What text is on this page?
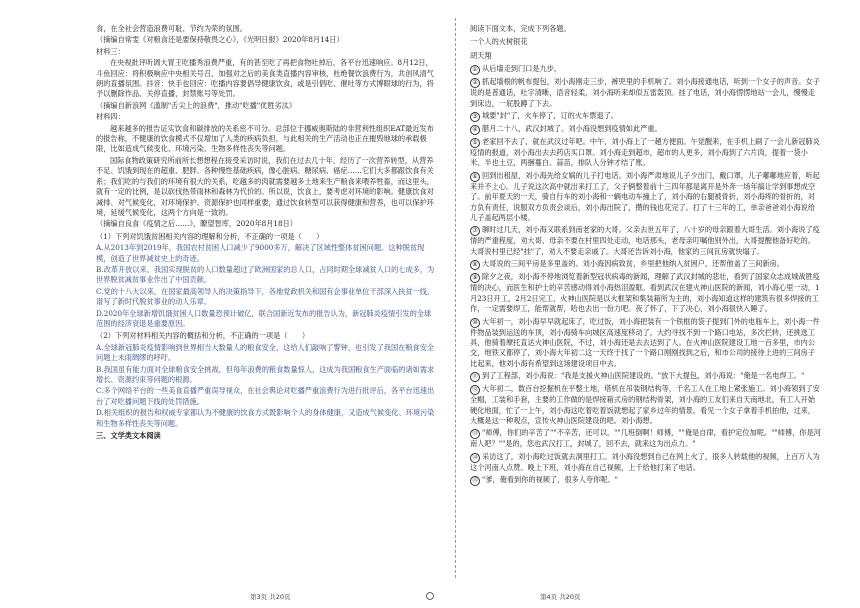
食，在全社会营造浪费可耻、节约为荣的氛围。

（摘编自常雯《对粮食还是要保持敬畏之心》，《光明日报》2020年8月14日）

材料三：

在央视批评听调大胃王吃播秀浪费严重，有的甚至吃了再把食物吐掉后，各平台迅速响应。8月12日，斗鱼回应：将积极响应中央相关号召，加强对之后的美食类直播内容审核，杜绝餐饮浪费行为，共创风清气朗的直播氛围。抖音：快手也回应：吃播内容要倡导健康饮食，或是引倡吃、催吐等方式博眼球的行为，将予以删除作品、关停直播，封禁账号等处罚。

（摘编自新浪网《滥制"舌尖上的浪费"，推动"吃播"优胜劣汰》

材料四：

越来越多的报告证实饮食和碳排放的关系密不可分。总部位于挪威奥斯陆的非营利性组织EAT最近发布的报告称，不健康的饮食模式不仅增加了人类的疾病负担，与此相关的生产活动也正在摧毁地球的承载极限，比如造成气候变化、环境污染、生物多样性丧失等问题。

国际食物政策研究所前所长想想程在接受采访时说，我们在过去几十年，经历了一次营养转型，从营养不足、饥饿到现在的超重、肥胖、各种慢性基础疾病，像心脏病、糖尿病、癌症……它们大多都跟饮食有关系；我们吃的与我们的环境有很大的关系，吃越多的肉就需要越多土地来生产粮食来喂养牲畜，而这里头，就有一定的比例，是以砍伐热带雨林和森林为代价的。所以说，饮食上，要考虑对环境的影响。健康饮食对减排、对气候变化，对环境保护、资源保护也同样重要，通过饮食转型可以获得健康和营养，也可以保护环境，延缓气候变化，这两个方向是一致的。

（摘编自良食《疫情之后……》，瞭望智库，2020年8月18日）

（1）下列对饥饿贫困相关内容的理解和分析，不正确的一项是（　　）

A.从2013年到2019年，我国农村贫困人口减少了9000多万，解决了区域性整体贫困问题。这种脱贫现模，创造了世界减贫史上的奇迹。

B.改革开放以来，我国实现脱贫的人口数量超过了欧洲国家的总人口，占同时期全球减贫人口的七成多，为世界脱贫减贫事业作出了中国贡献。

C.党的十八大以来，在国家最高领导人的决策指导下，各地党政机关和国有企事业单位干部深入扶贫一线，谱写了新时代脱贫事业的动人乐章。

D.2020年全球新增饥饿贫困人口数量恐预计破亿，联合国新近发布的报告认为，新冠肺炎疫情引发的全球范围的经济衰退是重要原因。

（2）下列对材料相关内容的概括和分析，不正确的一项是（　　）

A.全球新冠肺炎疫情影响到世界相当大数量人的粮食安全，这给人们敲响了警钟，也引发了我国在粮食安全问题上未雨绸缪的呼吁。

B.我国虽有能力面对全球粮食安全挑战，但每年浪费的粮食数量惊人，这成为我国粮食生产面临的诸如需求增长、资源约束等问题的根源。

C.多个网络平台的一些美食直播严重误导视众，在社会舆论对吃播严重浪费行为进行批评后，各平台迅速出台了对吃播问题下线的处罚措施。

D.相关组织的报告和权威专家都认为不健康的饮食方式既影响个人的身体健康，又造成气候变化、环境污染和生物多样性丧失等问题。

三、文学类文本阅读

阅读下面文本，完成下列各题。

一个人的火树银花

胡天翔

① 从后墙走到门口是九步。

② 抓起墙根的帆布提包，刘小海刚走三步，裤兜里的手机响了。刘小海接通电话，听到一个女子的声音。女子说的是普通话，吐字清晰，语音轻柔，刘小海听来却似五雷轰顶。挂了电话，刘小海愣愣地站一会儿，慢慢走到床边，一屁股蹲了下去。

③ 城要"封"了，火车停了，订的火车票退了。

④ 腊月二十八，武汉封城了。刘小海没想到疫情如此严重。

⑤ 老家回不去了，就在武汉过年吧。中午，刘小海上了一趟方便面。午觉醒来，在手机上刷了一会儿新冠肺炎疫情的报道，刘小海出去去药店买口罩。刘小海走到超市，超市的人更多，刘小海到了六片肉，提着一袋小米、半也土豆，两捆蔓白、蒜苗，排队人分钟才结了账。

⑥ 回到出租屋，刘小海先给女娲的儿子打电话。刘小海严肃地说儿子少出门，戴口罩，儿子嘟嘟地应着，听起来并不上心。儿子说这次高中就出来打工了，父子俩整着前十三四年都是离开是外奔一场年搞让学到事想成空了。前年夏天的一天，骑自行车的刘小海和一辆电动车撞上了，刘小海的右腿被骨折，刘小海疼的骨折的，对方负有责任，说服双方负责会谈后，刘小海出院了，攒的钱也花完了。打了十三年的工，单亲爸爸刘小海说给儿子盖起两层小楼。

⑦ 聊时过几天，刘小海又联系到南老家的大哥。父亲去世五年了，八十岁的母亲跟着大哥生活。刘小海说了疫情的严重程度，劝大哥、母亲不要在村里四处走动，电话那头，老母亲叮嘱他别外出，大哥提醒他备好吃的。大哥说村里已经"挂"了，劝人不要走亲戚了。大哥还告诉刘小海，他家的三间瓦房就快塌了。

⑧ 大哥说的三间平房是多里盖的。刘小海因病致贫，乡里把他纳入贫困户，还帮他盖了三间新房。

⑨ 除夕之夜，刘小海不停地浏览着新型冠状病毒的新闻，理解了武汉封城的悲壮，看到了国家众志成城战胜疫情的决心，而医生和护士的辛苦感动得刘小海热泪盈眶。看到武汉在建火神山医院的新闻，刘小海心里一动，1月23日开工，2月2日完工，火神山医院是以火框架和集装箱所为主的，刘小海知道这样的建筑有很多焊接的工作，一定需要焊工，能帮就帮，哈也去出一份力吧。夜了怀了，下了决心，刘小海很快入睡了。

⑩ 大年初一，刘小海早早就起床了，吃过饭，刘小海把装有一个铁框的袋子提到门外的电瓶车上，刘小海一件件物品装到运送的车顶，刘小海骑车向城区高速度移动了，大约寻找不到一个路口电站，多次拦转，还挑选工具，他骑着摩托直达火神山医院，不过，刘小海还是去去达到了人。在火神山医院建设工地一百多里，市内公交，地铁又都停了，刘小海大年初二这一天终于找了一个路口刚刚找到之后，和市公司的接待上进的三间房子比起来，他刘小海有希望到这场建设项目中去。

⑪ 到了工程部，刘小海说："我是支援火神山医院建设的。"放下大提包，刘小海说："俺是一名电焊工。"

⑫ 大年初二，数百台挖掘机在平整土地，塔机在吊装钢结构等，千名工人在工地上紧张施工。刘小海领到了安全帽，工装和手套，主要的工作做的是焊接箱式房的钢结构骨架，刘小海的工友们来自天南地北，有工人开始硬化地面，忙了一上午，刘小海这吃着吃着饭就想起了家乡过年的情景，看见一个女子拿着手机拍他，过来，大概是这一种观点，宣传火神山医院建设的吧。刘小海想。

⑬ "师傅，你们的辛苦了""不辛苦，还可以，""几班倒啊！师傅，""俺是自律，看护定位加呢。""师傅，你是河南人吧？""是的，您也武汉打工，封城了，回不去，就来这为出点力。"

⑭ 采访这了，刘小海吃过饭就去洞里打工。刘小海没想到自己在网上火了，很多人转载他的视频，上百万人为这个河南人点赞。晚上下班，刘小海在自己视频，上千给他打来了电话。

⑮ "爹，俺看到你的视频了，很多人夸你呢。"

第3页 共20页	第4页 共20页
